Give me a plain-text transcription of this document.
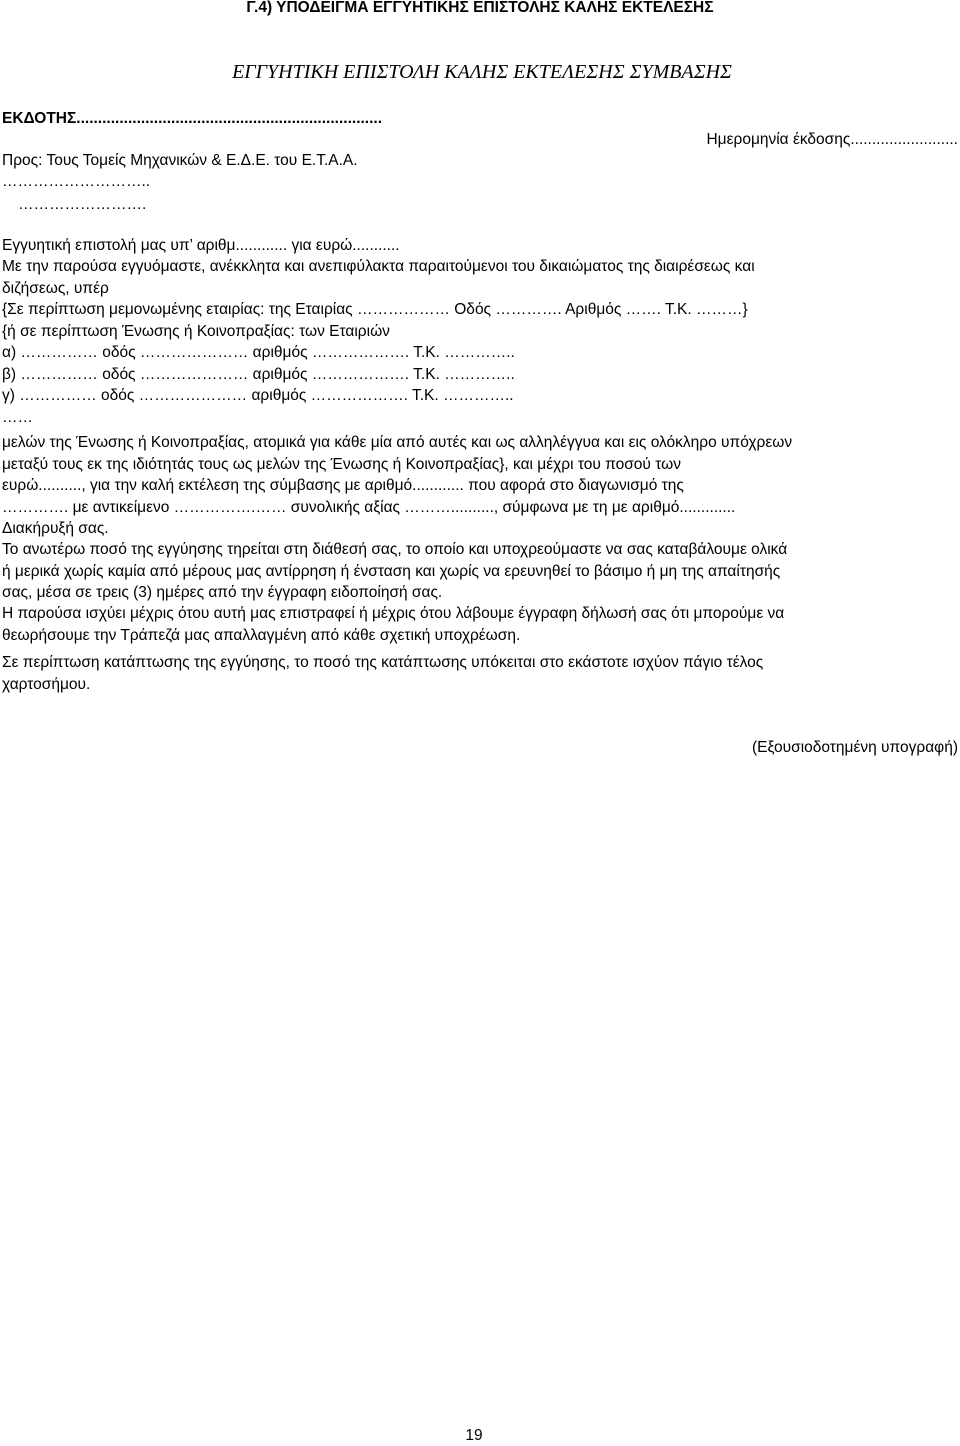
Γ.4) ΥΠΟΔΕΙΓΜΑ ΕΓΓΥΗΤΙΚΗΣ ΕΠΙΣΤΟΛΗΣ ΚΑΛΗΣ ΕΚΤΕΛΕΣΗΣ
ΕΓΓΥΗΤΙΚΗ ΕΠΙΣΤΟΛΗ ΚΑΛΗΣ ΕΚΤΕΛΕΣΗΣ ΣΥΜΒΑΣΗΣ
ΕΚΔΟΤΗΣ.......................................................................
Ημερομηνία έκδοσης.........................
Προς: Τους Τομείς Μηχανικών & Ε.Δ.Ε. του Ε.Τ.Α.Α.
………………………..
…………………….
Εγγυητική επιστολή μας υπ’ αριθμ............ για ευρώ...........
Με την παρούσα εγγυόμαστε, ανέκκλητα και ανεπιφύλακτα παραιτούμενοι του δικαιώματος της διαιρέσεως και
διζήσεως, υπέρ
{Σε περίπτωση μεμονωμένης εταιρίας: της Εταιρίας ……………… Οδός …………. Αριθμός ……. Τ.Κ. ………}
{ή σε περίπτωση Ένωσης ή Κοινοπραξίας: των Εταιριών
α) …………… οδός ………………… αριθμός ………………. Τ.Κ. …………..
β) …………… οδός ………………… αριθμός ………………. Τ.Κ. …………..
γ) …………… οδός ………………… αριθμός ………………. Τ.Κ. …………..
……
μελών της Ένωσης ή Κοινοπραξίας, ατομικά για κάθε μία από αυτές και ως αλληλέγγυα και εις ολόκληρο υπόχρεων
μεταξύ τους εκ της ιδιότητάς τους ως μελών της Ένωσης ή Κοινοπραξίας}, και μέχρι του ποσού των
ευρώ.........., για την καλή εκτέλεση της σύμβασης με αριθμό............ που αφορά στο διαγωνισμό της
…………. με αντικείμενο …………….…… συνολικής αξίας ……….........., σύμφωνα με τη με αριθμό.............
Διακήρυξή σας.
Το ανωτέρω ποσό της εγγύησης τηρείται στη διάθεσή σας, το οποίο και υποχρεούμαστε να σας καταβάλουμε ολικά
ή μερικά χωρίς καμία από μέρους μας αντίρρηση ή ένσταση και χωρίς να ερευνηθεί το βάσιμο ή μη της απαίτησής
σας, μέσα σε τρεις (3) ημέρες από την έγγραφη ειδοποίησή σας.
Η παρούσα ισχύει μέχρις ότου αυτή μας επιστραφεί ή μέχρις ότου λάβουμε έγγραφη δήλωσή σας ότι μπορούμε να
θεωρήσουμε την Τράπεζά μας απαλλαγμένη από κάθε σχετική υποχρέωση.
Σε περίπτωση κατάπτωσης της εγγύησης, το ποσό της κατάπτωσης υπόκειται στο εκάστοτε ισχύον πάγιο τέλος
χαρτοσήμου.
(Εξουσιοδοτημένη υπογραφή)
19
